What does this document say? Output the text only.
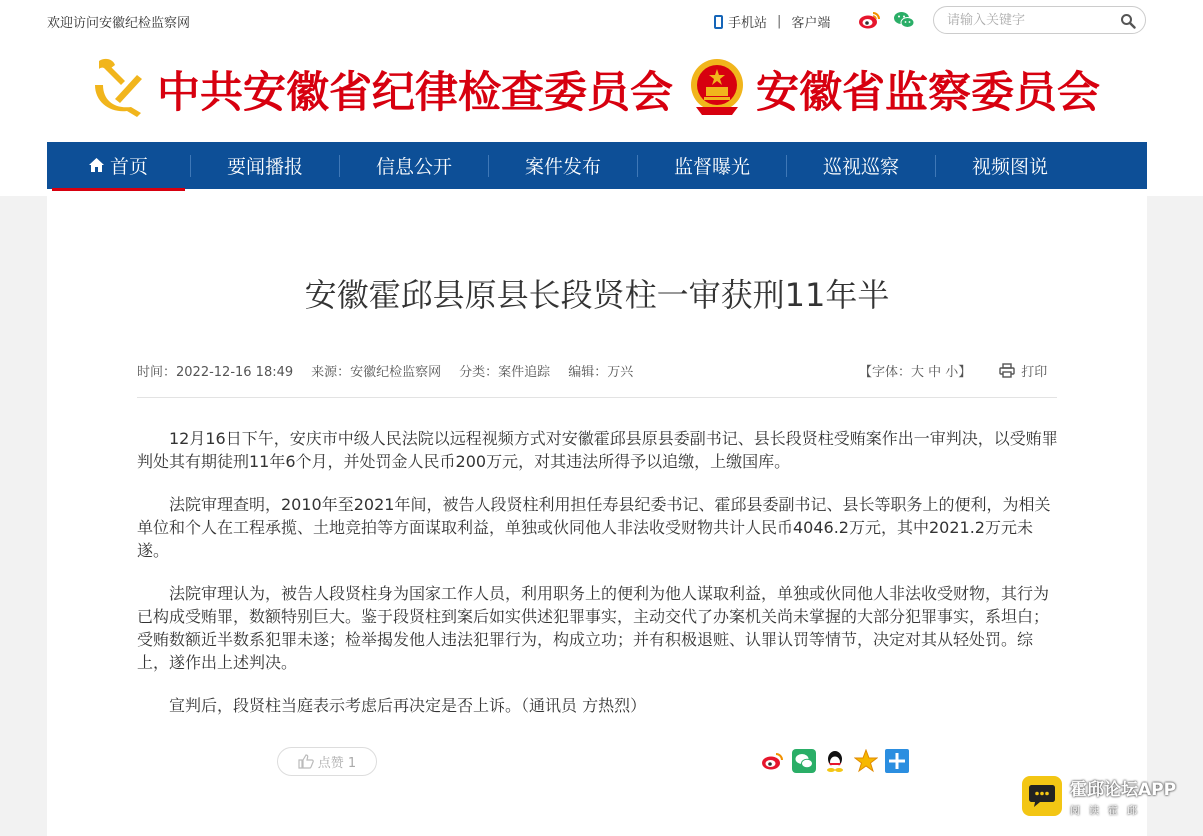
欢迎访问安徽纪检监察网	手机站 | 客户端
请输入关键字
中共安徽省纪律检查委员会 安徽省监察委员会
首页	要闻播报	信息公开	案件发布	监督曝光	巡视巡察	视频图说
安徽霍邱县原县长段贤柱一审获刑11年半
时间：2022-12-16 18:49 来源：安徽纪检监察网 分类：案件追踪 编辑：万兴	【字体：大 中 小】	打印

12月16日下午，安庆市中级人民法院以远程视频方式对安徽霍邱县原县委副书记、县长段贤柱受贿案作出一审判决，以受贿罪判处其有期徒刑11年6个月，并处罚金人民币200万元，对其违法所得予以追缴，上缴国库。

法院审理查明，2010年至2021年间，被告人段贤柱利用担任寿县纪委书记、霍邱县委副书记、县长等职务上的便利，为相关单位和个人在工程承揽、土地竞拍等方面谋取利益，单独或伙同他人非法收受财物共计人民币4046.2万元，其中2021.2万元未遂。

法院审理认为，被告人段贤柱身为国家工作人员，利用职务上的便利为他人谋取利益，单独或伙同他人非法收受财物，其行为已构成受贿罪，数额特别巨大。鉴于段贤柱到案后如实供述犯罪事实，主动交代了办案机关尚未掌握的大部分犯罪事实，系坦白；受贿数额近半数系犯罪未遂；检举揭发他人违法犯罪行为，构成立功；并有积极退赃、认罪认罚等情节，决定对其从轻处罚。综上，遂作出上述判决。

宣判后，段贤柱当庭表示考虑后再决定是否上诉。（通讯员 方热烈）

点赞 1
霍邱论坛APP
阅读霍邱
